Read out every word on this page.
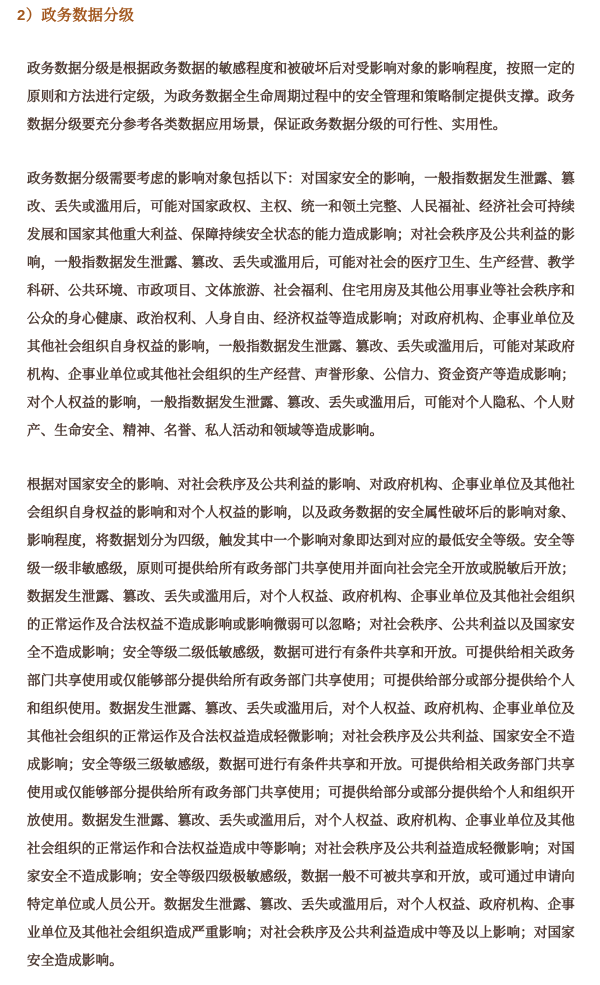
2）政务数据分级

政务数据分级是根据政务数据的敏感程度和被破坏后对受影响对象的影响程度，按照一定的原则和方法进行定级，为政务数据全生命周期过程中的安全管理和策略制定提供支撑。政务数据分级要充分参考各类数据应用场景，保证政务数据分级的可行性、实用性。

政务数据分级需要考虑的影响对象包括以下：对国家安全的影响，一般指数据发生泄露、篡改、丢失或滥用后，可能对国家政权、主权、统一和领土完整、人民福祉、经济社会可持续发展和国家其他重大利益、保障持续安全状态的能力造成影响；对社会秩序及公共利益的影响，一般指数据发生泄露、篡改、丢失或滥用后，可能对社会的医疗卫生、生产经营、教学科研、公共环境、市政项目、文体旅游、社会福利、住宅用房及其他公用事业等社会秩序和公众的身心健康、政治权利、人身自由、经济权益等造成影响；对政府机构、企事业单位及其他社会组织自身权益的影响，一般指数据发生泄露、篡改、丢失或滥用后，可能对某政府机构、企事业单位或其他社会组织的生产经营、声誉形象、公信力、资金资产等造成影响；对个人权益的影响，一般指数据发生泄露、篡改、丢失或滥用后，可能对个人隐私、个人财产、生命安全、精神、名誉、私人活动和领域等造成影响。

根据对国家安全的影响、对社会秩序及公共利益的影响、对政府机构、企事业单位及其他社会组织自身权益的影响和对个人权益的影响，以及政务数据的安全属性破坏后的影响对象、影响程度，将数据划分为四级，触发其中一个影响对象即达到对应的最低安全等级。安全等级一级非敏感级，原则可提供给所有政务部门共享使用并面向社会完全开放或脱敏后开放；数据发生泄露、篡改、丢失或滥用后，对个人权益、政府机构、企事业单位及其他社会组织的正常运作及合法权益不造成影响或影响微弱可以忽略；对社会秩序、公共利益以及国家安全不造成影响；安全等级二级低敏感级，数据可进行有条件共享和开放。可提供给相关政务部门共享使用或仅能够部分提供给所有政务部门共享使用；可提供给部分或部分提供给个人和组织使用。数据发生泄露、篡改、丢失或滥用后，对个人权益、政府机构、企事业单位及其他社会组织的正常运作及合法权益造成轻微影响；对社会秩序及公共利益、国家安全不造成影响；安全等级三级敏感级，数据可进行有条件共享和开放。可提供给相关政务部门共享使用或仅能够部分提供给所有政务部门共享使用；可提供给部分或部分提供给个人和组织开放使用。数据发生泄露、篡改、丢失或滥用后，对个人权益、政府机构、企事业单位及其他社会组织的正常运作和合法权益造成中等影响；对社会秩序及公共利益造成轻微影响；对国家安全不造成影响；安全等级四级极敏感级，数据一般不可被共享和开放，或可通过申请向特定单位或人员公开。数据发生泄露、篡改、丢失或滥用后，对个人权益、政府机构、企事业单位及其他社会组织造成严重影响；对社会秩序及公共利益造成中等及以上影响；对国家安全造成影响。
